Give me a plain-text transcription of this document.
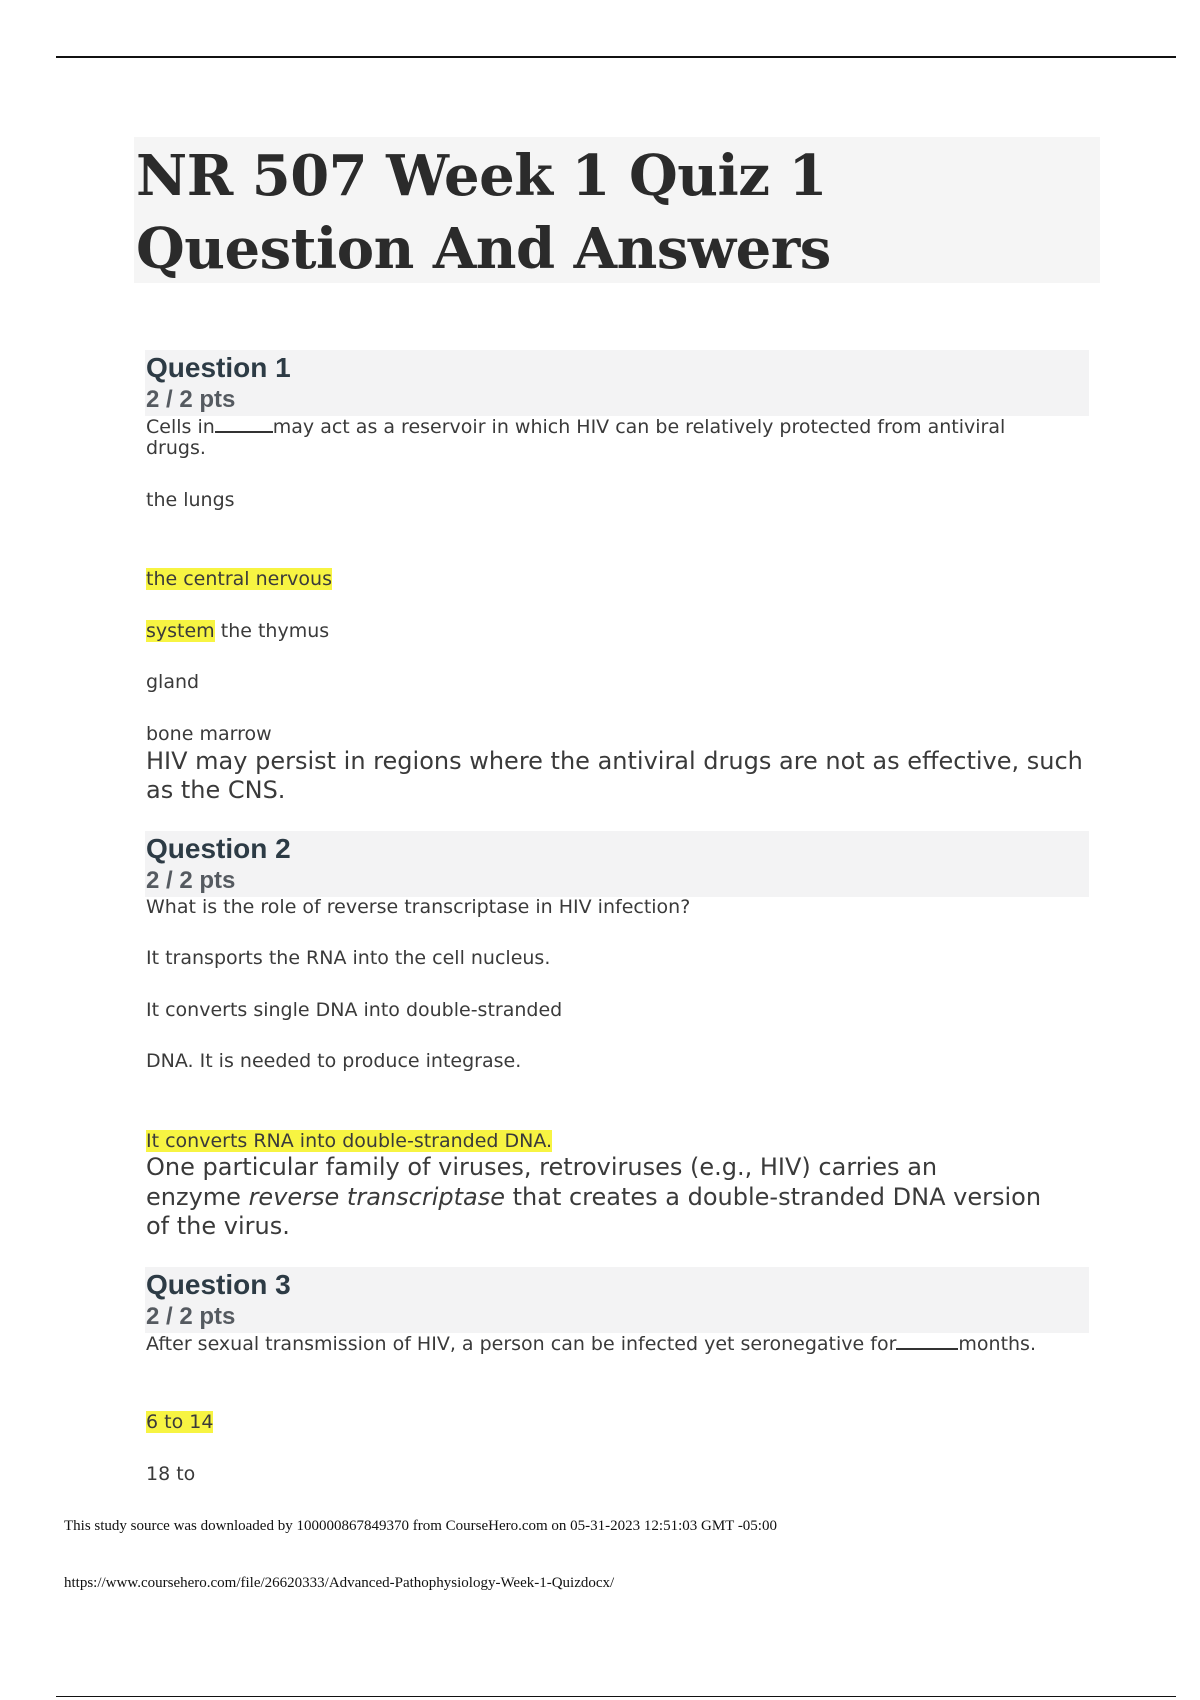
NR 507 Week 1 Quiz 1 Question And Answers
Question 1
2 / 2 pts
Cells in	may act as a reservoir in which HIV can be relatively protected from antiviral
drugs.
the lungs
the central nervous
system the thymus
gland
bone marrow
HIV may persist in regions where the antiviral drugs are not as effective, such as the CNS.
Question 2
2 / 2 pts
What is the role of reverse transcriptase in HIV infection?
It transports the RNA into the cell nucleus.
It converts single DNA into double-stranded
DNA. It is needed to produce integrase.
It converts RNA into double-stranded DNA.
One particular family of viruses, retroviruses (e.g., HIV) carries an
enzyme reverse transcriptase that creates a double-stranded DNA version
of the virus.
Question 3
2 / 2 pts
After sexual transmission of HIV, a person can be infected yet seronegative for	months.
6 to 14
18 to
This study source was downloaded by 100000867849370 from CourseHero.com on 05-31-2023 12:51:03 GMT -05:00
https://www.coursehero.com/file/26620333/Advanced-Pathophysiology-Week-1-Quizdocx/
